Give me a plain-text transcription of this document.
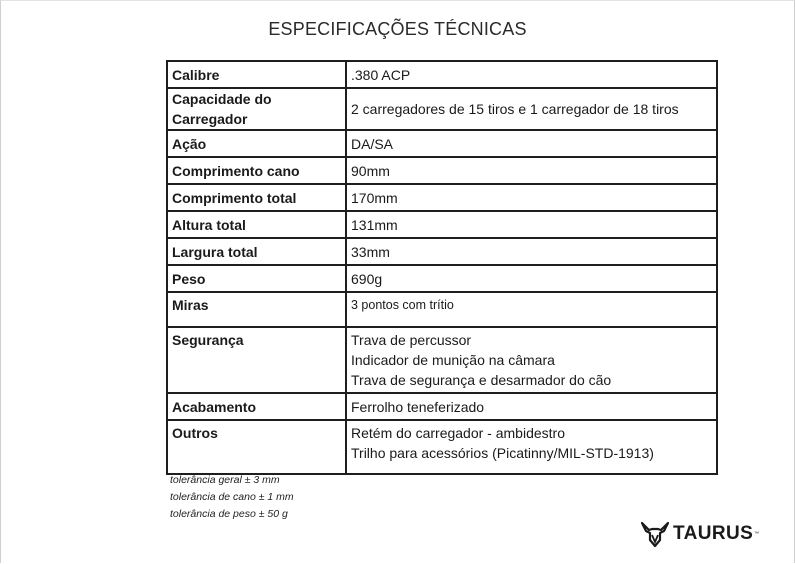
ESPECIFICAÇÕES TÉCNICAS
Calibre	.380 ACP

Capacidade do Carregador	2 carregadores de 15 tiros e 1 carregador de 18 tiros

Ação	DA/SA

Comprimento cano	90mm

Comprimento total	170mm

Altura total	131mm

Largura total	33mm

Peso	690g

Miras	3 pontos com trítio

Segurança	Trava de percussor
Indicador de munição na câmara
Trava de segurança e desarmador do cão

Acabamento	Ferrolho teneferizado

Outros	Retém do carregador - ambidestro
Trilho para acessórios (Picatinny/MIL-STD-1913)
tolerância geral ± 3 mm
tolerância de cano ± 1 mm
tolerância de peso ± 50 g
TAURUS ™
